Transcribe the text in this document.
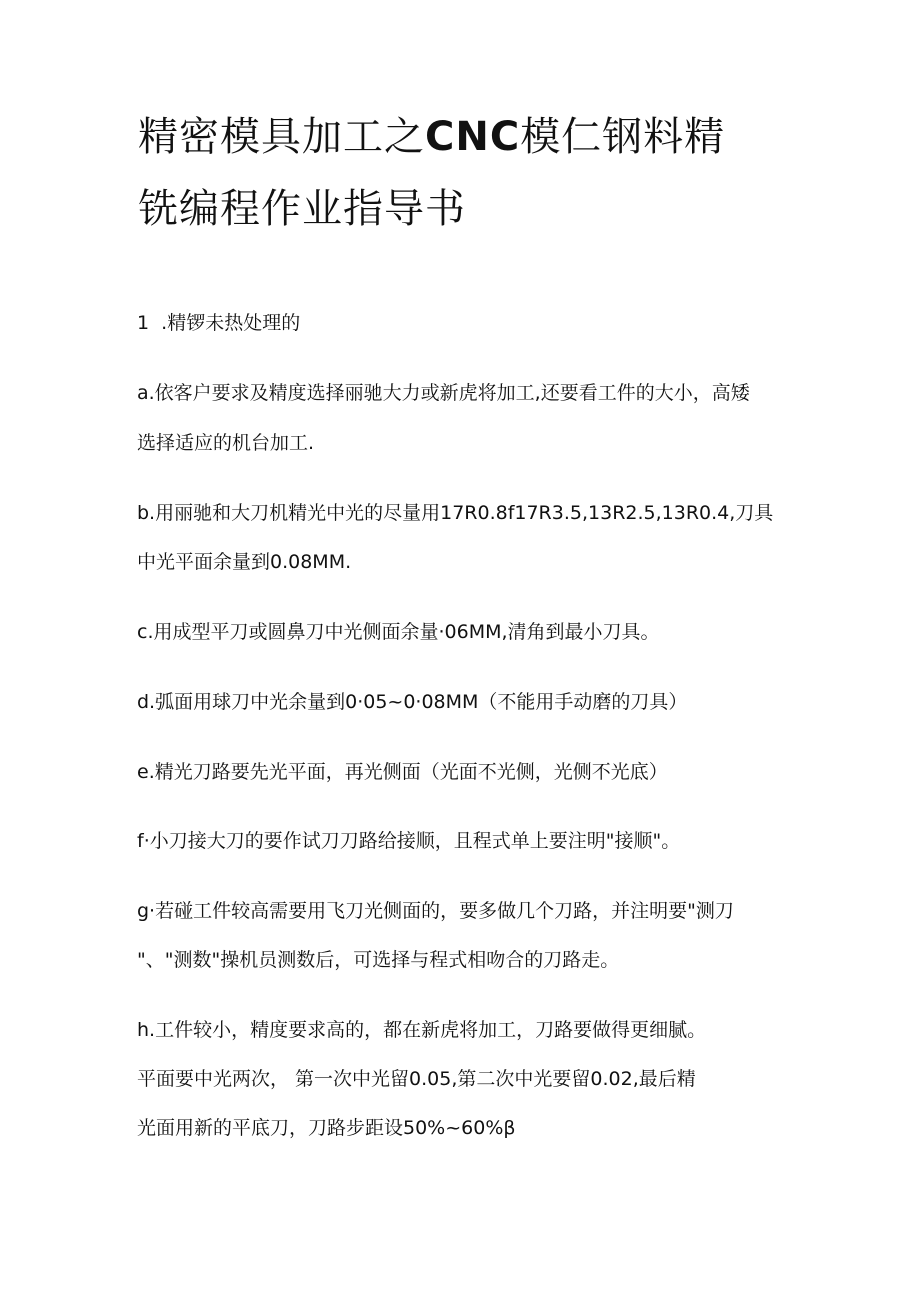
精密模具加工之CNC模仁钢料精
铣编程作业指导书

1  .精锣未热处理的

a.依客户要求及精度选择丽驰大力或新虎将加工,还要看工件的大小，高矮

选择适应的机台加工.

b.用丽驰和大刀机精光中光的尽量用17R0.8f17R3.5,13R2.5,13R0.4,刀具

中光平面余量到0.08MM.

c.用成型平刀或圆鼻刀中光侧面余量·06MM,清角到最小刀具。

d.弧面用球刀中光余量到0·05~0·08MM（不能用手动磨的刀具）

e.精光刀路要先光平面，再光侧面（光面不光侧，光侧不光底）

f·小刀接大刀的要作试刀刀路给接顺，且程式单上要注明"接顺"。

g·若碰工件较高需要用飞刀光侧面的，要多做几个刀路，并注明要"测刀

"、"测数"操机员测数后，可选择与程式相吻合的刀路走。

h.工件较小，精度要求高的，都在新虎将加工，刀路要做得更细腻。

平面要中光两次， 第一次中光留0.05,第二次中光要留0.02,最后精

光面用新的平底刀，刀路步距设50%~60%β
